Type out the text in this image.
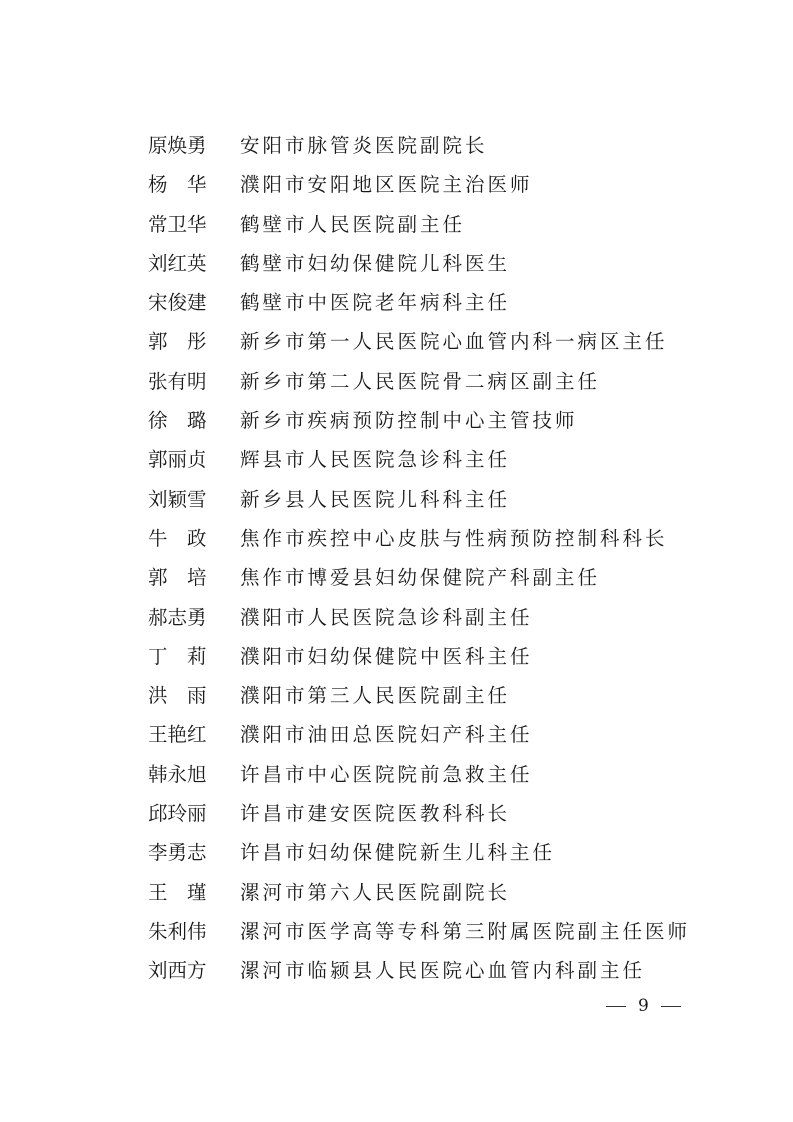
原焕勇	安阳市脉管炎医院副院长
杨　华	濮阳市安阳地区医院主治医师
常卫华	鹤壁市人民医院副主任
刘红英	鹤壁市妇幼保健院儿科医生
宋俊建	鹤壁市中医院老年病科主任
郭　彤	新乡市第一人民医院心血管内科一病区主任
张有明	新乡市第二人民医院骨二病区副主任
徐　璐	新乡市疾病预防控制中心主管技师
郭丽贞	辉县市人民医院急诊科主任
刘颖雪	新乡县人民医院儿科科主任
牛　政	焦作市疾控中心皮肤与性病预防控制科科长
郭　培	焦作市博爱县妇幼保健院产科副主任
郝志勇	濮阳市人民医院急诊科副主任
丁　莉	濮阳市妇幼保健院中医科主任
洪　雨	濮阳市第三人民医院副主任
王艳红	濮阳市油田总医院妇产科主任
韩永旭	许昌市中心医院院前急救主任
邱玲丽	许昌市建安医院医教科科长
李勇志	许昌市妇幼保健院新生儿科主任
王　瑾	漯河市第六人民医院副院长
朱利伟	漯河市医学高等专科第三附属医院副主任医师
刘西方	漯河市临颍县人民医院心血管内科副主任
9
